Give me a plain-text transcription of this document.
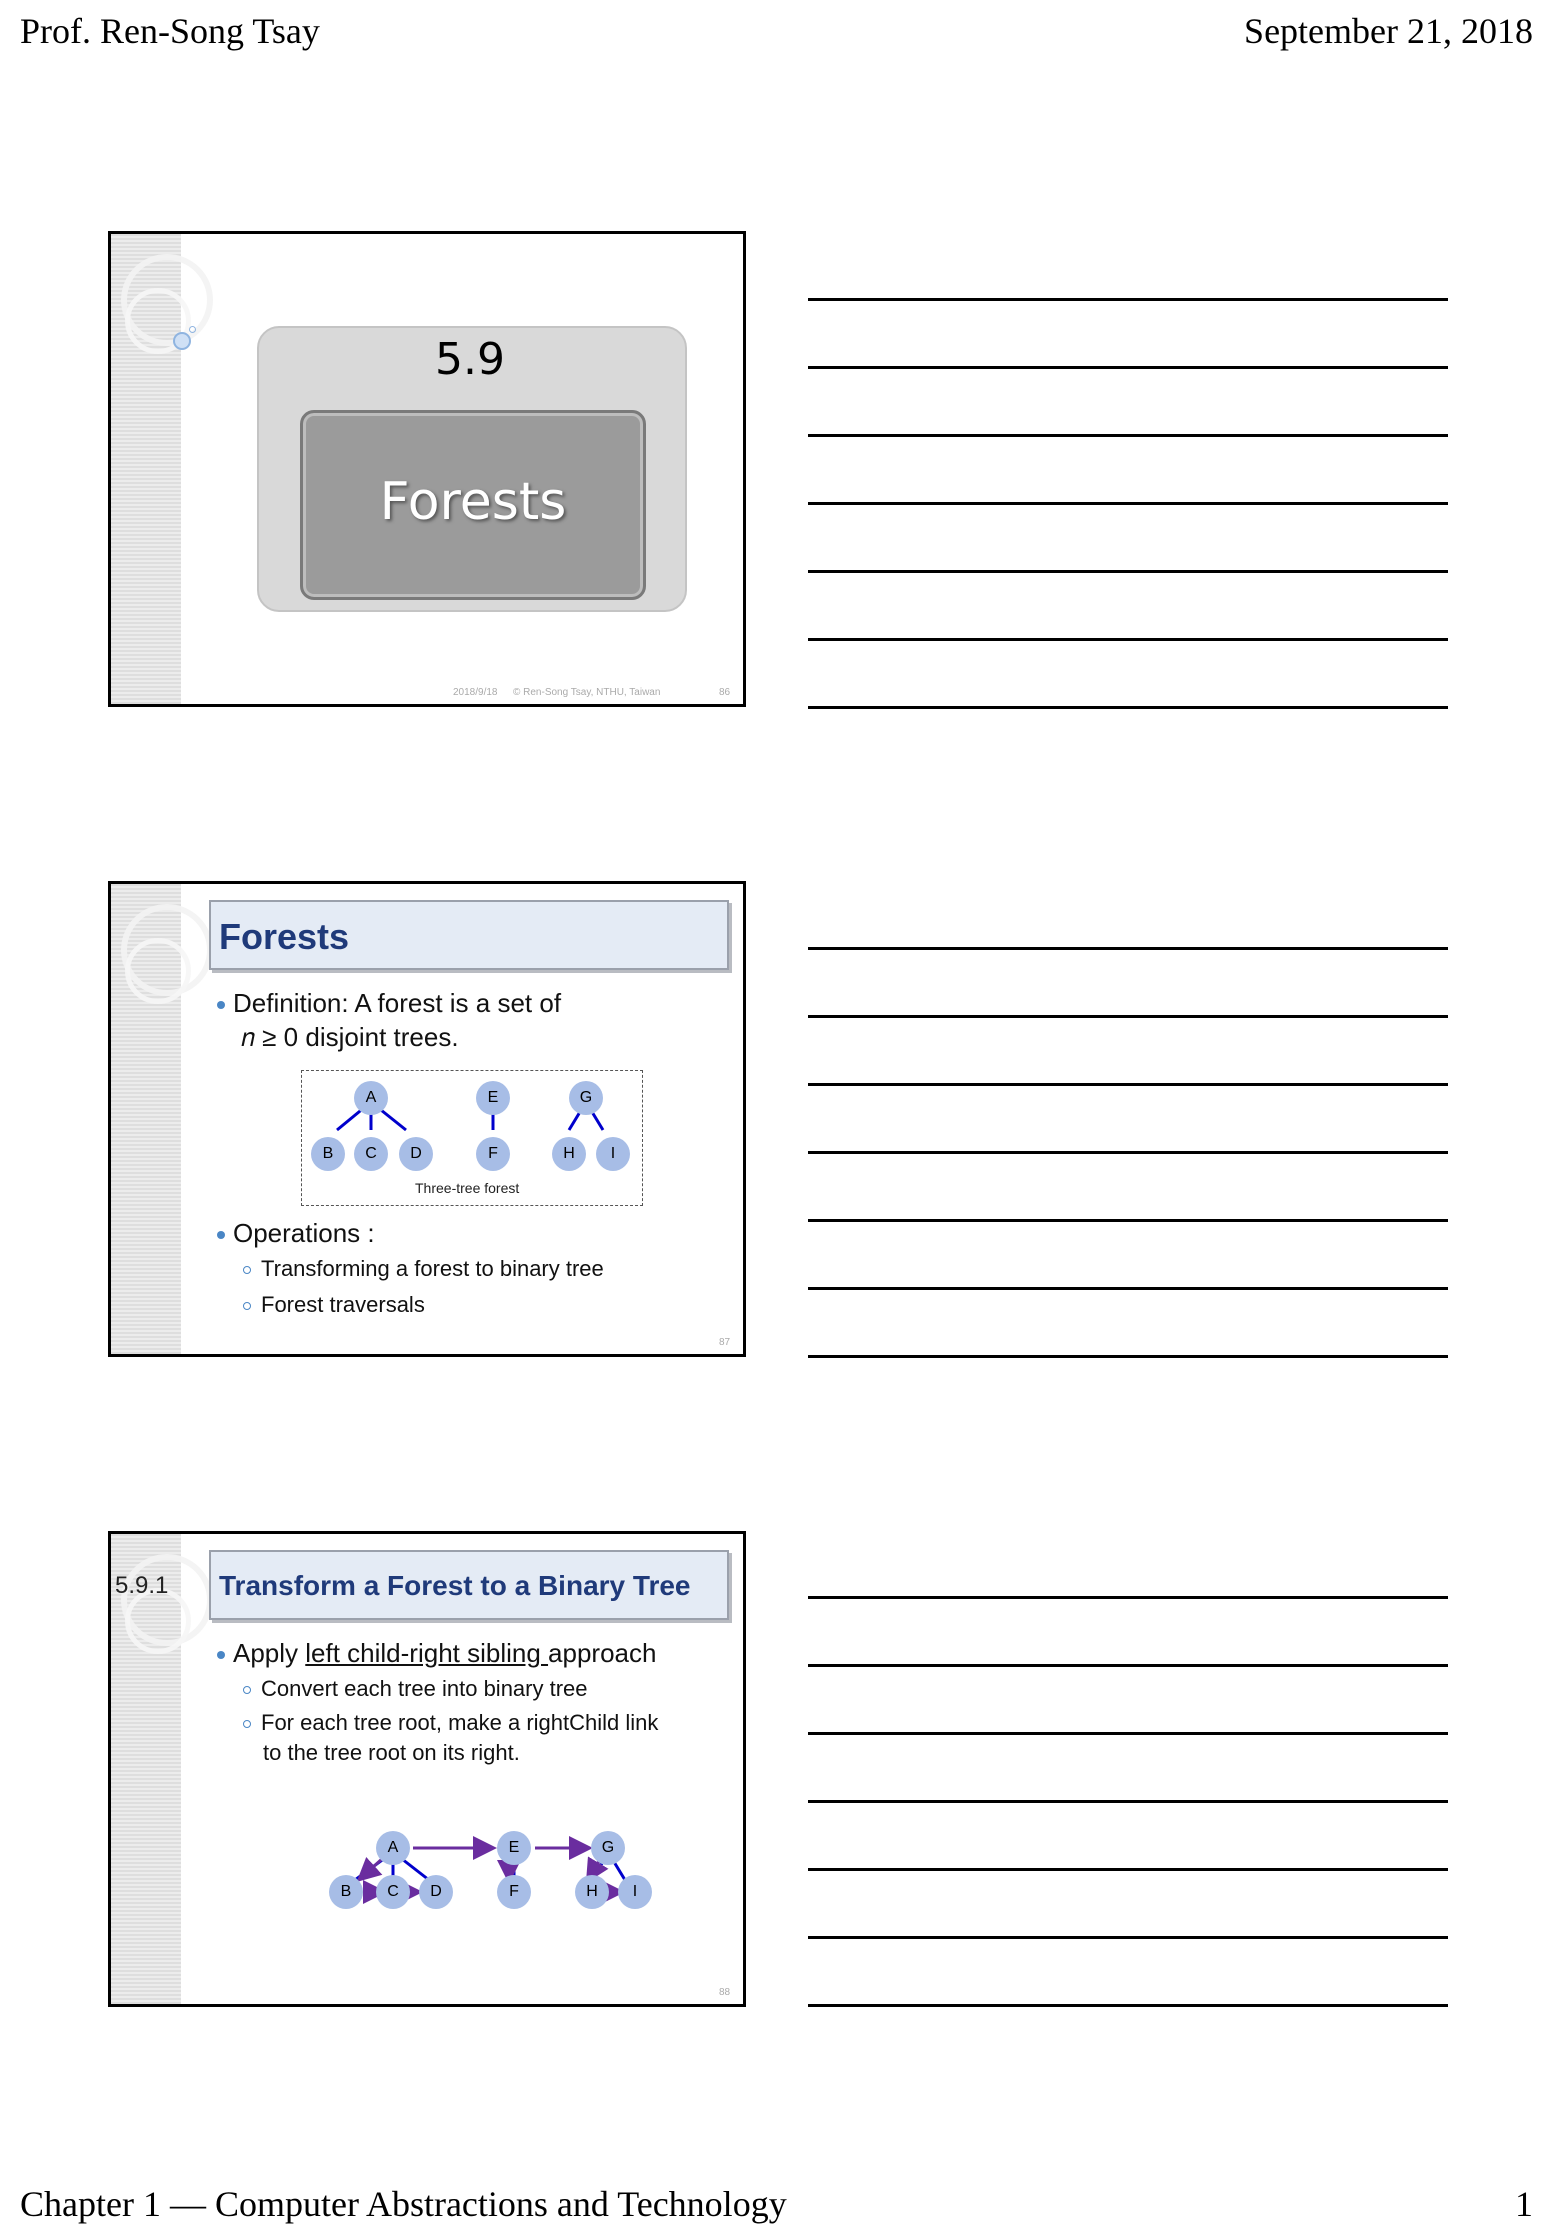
Prof. Ren-Song Tsay	September 21, 2018
5.9
Forests
2018/9/18 © Ren-Song Tsay, NTHU, Taiwan	86
Forests
Definition: A forest is a set of
𝑛 ≥ 0 disjoint trees.
A
B	C	D
E
F
G
H	I
Three-tree forest
Operations :
Transforming a forest to binary tree
Forest traversals
87
5.9.1 Transform a Forest to a Binary Tree
Apply left child-right sibling approach
Convert each tree into binary tree
For each tree root, make a rightChild link
to the tree root on its right.
A
B	C	D
E
F
G
H	I
88
Chapter 1 — Computer Abstractions and Technology	1
